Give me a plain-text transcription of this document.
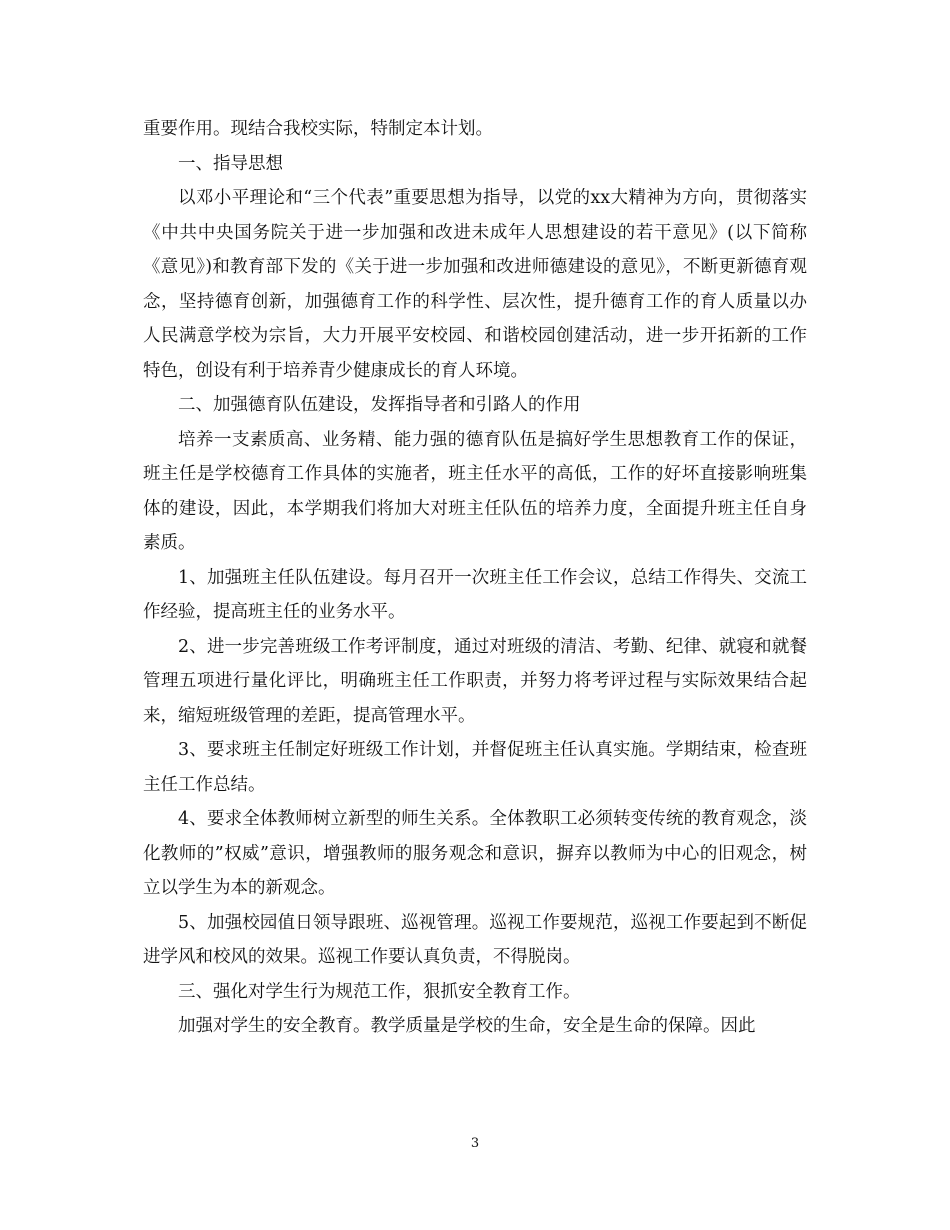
重要作用。现结合我校实际，特制定本计划。

一、指导思想

以邓小平理论和“三个代表”重要思想为指导，以党的xx大精神为方向，贯彻落实《中共中央国务院关于进一步加强和改进未成年人思想建设的若干意见》(以下简称《意见》)和教育部下发的《关于进一步加强和改进师德建设的意见》，不断更新德育观念，坚持德育创新，加强德育工作的科学性、层次性，提升德育工作的育人质量以办人民满意学校为宗旨，大力开展平安校园、和谐校园创建活动，进一步开拓新的工作特色，创设有利于培养青少健康成长的育人环境。

二、加强德育队伍建设，发挥指导者和引路人的作用

培养一支素质高、业务精、能力强的德育队伍是搞好学生思想教育工作的保证，班主任是学校德育工作具体的实施者，班主任水平的高低，工作的好坏直接影响班集体的建设，因此，本学期我们将加大对班主任队伍的培养力度，全面提升班主任自身素质。

1、加强班主任队伍建设。每月召开一次班主任工作会议，总结工作得失、交流工作经验，提高班主任的业务水平。

2、进一步完善班级工作考评制度，通过对班级的清洁、考勤、纪律、就寝和就餐管理五项进行量化评比，明确班主任工作职责，并努力将考评过程与实际效果结合起来，缩短班级管理的差距，提高管理水平。

3、要求班主任制定好班级工作计划，并督促班主任认真实施。学期结束，检查班主任工作总结。

4、要求全体教师树立新型的师生关系。全体教职工必须转变传统的教育观念，淡化教师的”权威”意识，增强教师的服务观念和意识，摒弃以教师为中心的旧观念，树立以学生为本的新观念。

5、加强校园值日领导跟班、巡视管理。巡视工作要规范，巡视工作要起到不断促进学风和校风的效果。巡视工作要认真负责，不得脱岗。

三、强化对学生行为规范工作，狠抓安全教育工作。

加强对学生的安全教育。教学质量是学校的生命，安全是生命的保障。因此

3
